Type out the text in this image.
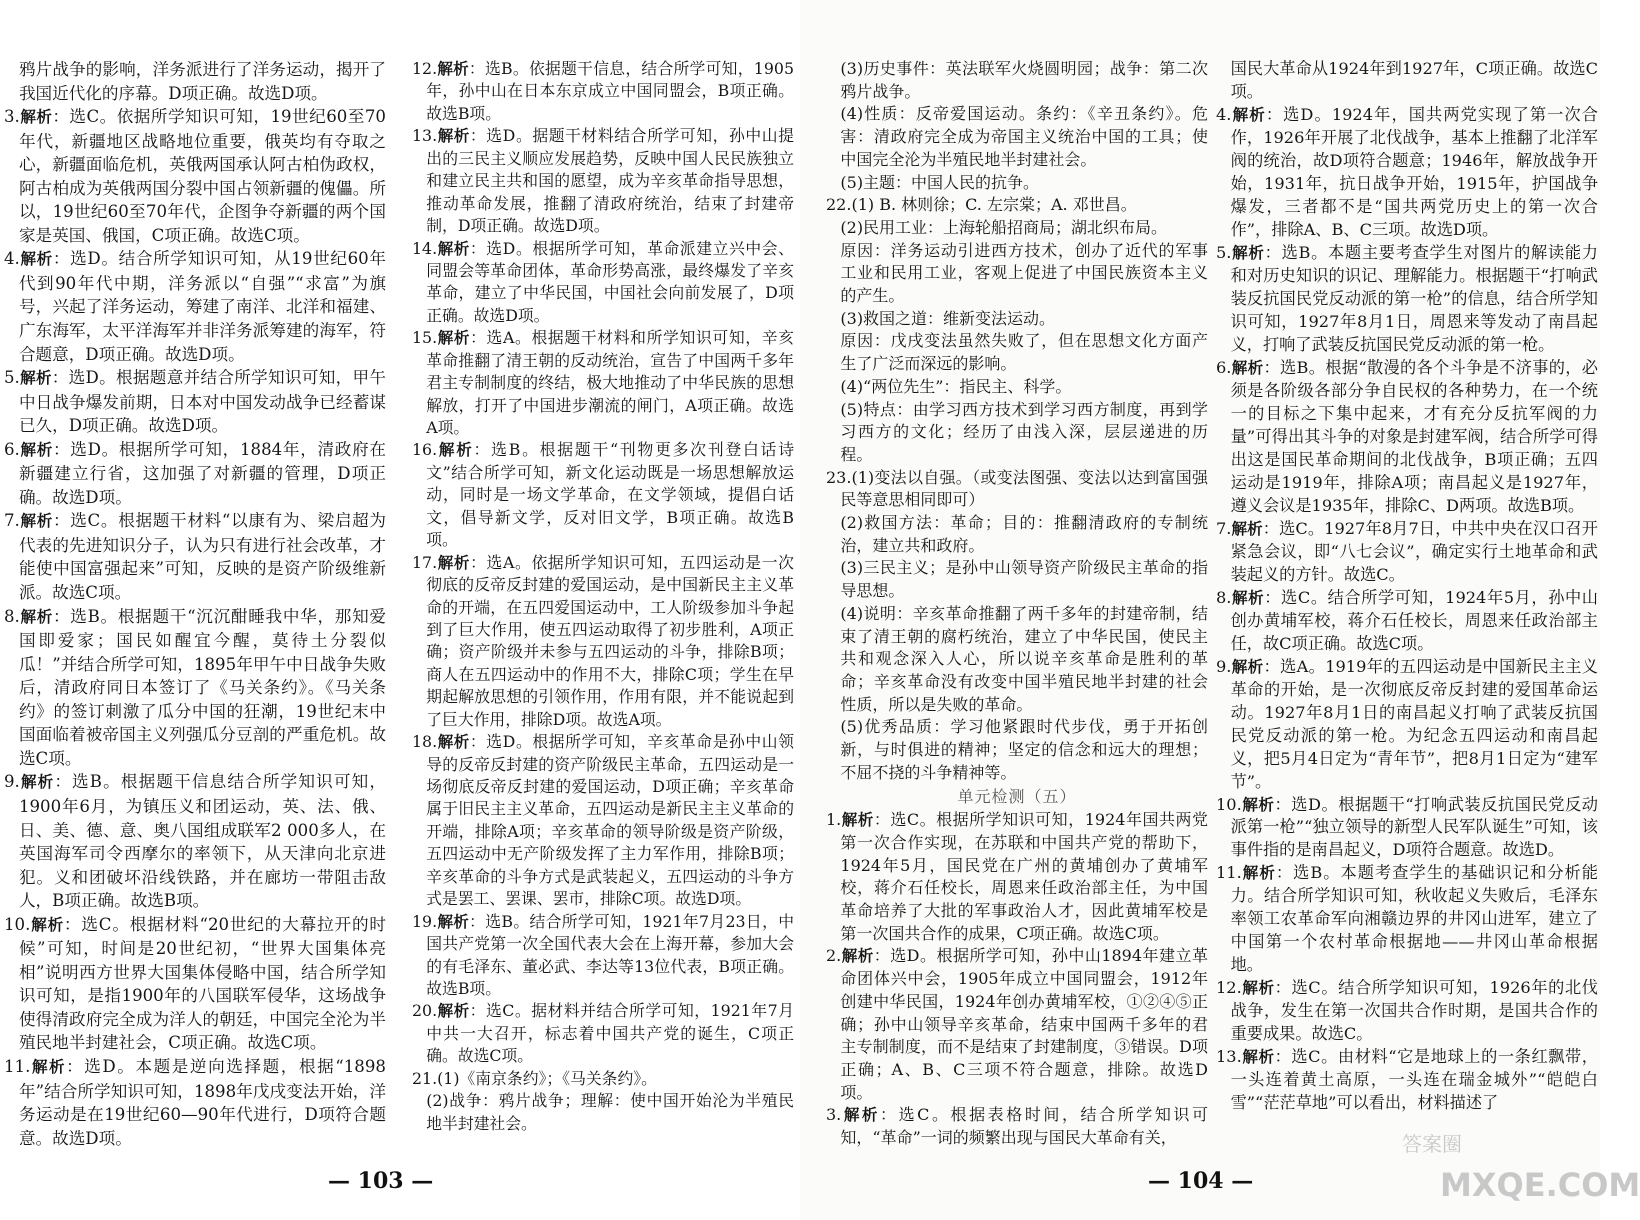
鸦片战争的影响，洋务派进行了洋务运动，揭开了我国近代化的序幕。D项正确。故选D项。
3.解析：选C。依据所学知识可知，19世纪60至70年代，新疆地区战略地位重要，俄英均有夺取之心，新疆面临危机，英俄两国承认阿古柏伪政权，阿古柏成为英俄两国分裂中国占领新疆的傀儡。所以，19世纪60至70年代，企图争夺新疆的两个国家是英国、俄国，C项正确。故选C项。
4.解析：选D。结合所学知识可知，从19世纪60年代到90年代中期，洋务派以“自强”“求富”为旗号，兴起了洋务运动，筹建了南洋、北洋和福建、广东海军，太平洋海军并非洋务派筹建的海军，符合题意，D项正确。故选D项。
5.解析：选D。根据题意并结合所学知识可知，甲午中日战争爆发前期，日本对中国发动战争已经蓄谋已久，D项正确。故选D项。
6.解析：选D。根据所学可知，1884年，清政府在新疆建立行省，这加强了对新疆的管理，D项正确。故选D项。
7.解析：选C。根据题干材料“以康有为、梁启超为代表的先进知识分子，认为只有进行社会改革，才能使中国富强起来”可知，反映的是资产阶级维新派。故选C项。
8.解析：选B。根据题干“沉沉酣睡我中华，那知爱国即爱家；国民如醒宜今醒，莫待土分裂似瓜！”并结合所学可知，1895年甲午中日战争失败后，清政府同日本签订了《马关条约》。《马关条约》的签订刺激了瓜分中国的狂潮，19世纪末中国面临着被帝国主义列强瓜分豆剖的严重危机。故选C项。
9.解析：选B。根据题干信息结合所学知识可知，1900年6月，为镇压义和团运动，英、法、俄、日、美、德、意、奥八国组成联军2 000多人，在英国海军司令西摩尔的率领下，从天津向北京进犯。义和团破坏沿线铁路，并在廊坊一带阻击敌人，B项正确。故选B项。
10.解析：选C。根据材料“20世纪的大幕拉开的时候”可知，时间是20世纪初，“世界大国集体亮相”说明西方世界大国集体侵略中国，结合所学知识可知，是指1900年的八国联军侵华，这场战争使得清政府完全成为洋人的朝廷，中国完全沦为半殖民地半封建社会，C项正确。故选C项。
11.解析：选D。本题是逆向选择题，根据“1898年”结合所学知识可知，1898年戊戌变法开始，洋务运动是在19世纪60—90年代进行，D项符合题意。故选D项。
12.解析：选B。依据题干信息，结合所学可知，1905年，孙中山在日本东京成立中国同盟会，B项正确。故选B项。
13.解析：选D。据题干材料结合所学可知，孙中山提出的三民主义顺应发展趋势，反映中国人民民族独立和建立民主共和国的愿望，成为辛亥革命指导思想，推动革命发展，推翻了清政府统治，结束了封建帝制，D项正确。故选D项。
14.解析：选D。根据所学可知，革命派建立兴中会、同盟会等革命团体，革命形势高涨，最终爆发了辛亥革命，建立了中华民国，中国社会向前发展了，D项正确。故选D项。
15.解析：选A。根据题干材料和所学知识可知，辛亥革命推翻了清王朝的反动统治，宣告了中国两千多年君主专制制度的终结，极大地推动了中华民族的思想解放，打开了中国进步潮流的闸门，A项正确。故选A项。
16.解析：选B。根据题干“刊物更多次刊登白话诗文”结合所学可知，新文化运动既是一场思想解放运动，同时是一场文学革命，在文学领域，提倡白话文，倡导新文学，反对旧文学，B项正确。故选B项。
17.解析：选A。依据所学知识可知，五四运动是一次彻底的反帝反封建的爱国运动，是中国新民主主义革命的开端，在五四爱国运动中，工人阶级参加斗争起到了巨大作用，使五四运动取得了初步胜利，A项正确；资产阶级并未参与五四运动的斗争，排除B项；商人在五四运动中的作用不大，排除C项；学生在早期起解放思想的引领作用，作用有限，并不能说起到了巨大作用，排除D项。故选A项。
18.解析：选D。根据所学可知，辛亥革命是孙中山领导的反帝反封建的资产阶级民主革命，五四运动是一场彻底反帝反封建的爱国运动，D项正确；辛亥革命属于旧民主主义革命，五四运动是新民主主义革命的开端，排除A项；辛亥革命的领导阶级是资产阶级，五四运动中无产阶级发挥了主力军作用，排除B项；辛亥革命的斗争方式是武装起义，五四运动的斗争方式是罢工、罢课、罢市，排除C项。故选D项。
19.解析：选B。结合所学可知，1921年7月23日，中国共产党第一次全国代表大会在上海开幕，参加大会的有毛泽东、董必武、李达等13位代表，B项正确。故选B项。
20.解析：选C。据材料并结合所学可知，1921年7月中共一大召开，标志着中国共产党的诞生，C项正确。故选C项。
21.(1)《南京条约》；《马关条约》。
(2)战争：鸦片战争；理解：使中国开始沦为半殖民地半封建社会。
— 103 —
(3)历史事件：英法联军火烧圆明园；战争：第二次鸦片战争。
(4)性质：反帝爱国运动。条约：《辛丑条约》。危害：清政府完全成为帝国主义统治中国的工具；使中国完全沦为半殖民地半封建社会。
(5)主题：中国人民的抗争。
22.(1) B. 林则徐；C. 左宗棠；A. 邓世昌。
(2)民用工业：上海轮船招商局；湖北织布局。
原因：洋务运动引进西方技术，创办了近代的军事工业和民用工业，客观上促进了中国民族资本主义的产生。
(3)救国之道：维新变法运动。
原因：戊戌变法虽然失败了，但在思想文化方面产生了广泛而深远的影响。
(4)“两位先生”：指民主、科学。
(5)特点：由学习西方技术到学习西方制度，再到学习西方的文化；经历了由浅入深，层层递进的历程。
23.(1)变法以自强。（或变法图强、变法以达到富国强民等意思相同即可）
(2)救国方法：革命；目的：推翻清政府的专制统治，建立共和政府。
(3)三民主义；是孙中山领导资产阶级民主革命的指导思想。
(4)说明：辛亥革命推翻了两千多年的封建帝制，结束了清王朝的腐朽统治，建立了中华民国，使民主共和观念深入人心，所以说辛亥革命是胜利的革命；辛亥革命没有改变中国半殖民地半封建的社会性质，所以是失败的革命。
(5)优秀品质：学习他紧跟时代步伐，勇于开拓创新，与时俱进的精神；坚定的信念和远大的理想；不屈不挠的斗争精神等。
单元检测（五）
1.解析：选C。根据所学知识可知，1924年国共两党第一次合作实现，在苏联和中国共产党的帮助下，1924年5月，国民党在广州的黄埔创办了黄埔军校，蒋介石任校长，周恩来任政治部主任，为中国革命培养了大批的军事政治人才，因此黄埔军校是第一次国共合作的成果，C项正确。故选C项。
2.解析：选D。根据所学可知，孙中山1894年建立革命团体兴中会，1905年成立中国同盟会，1912年创建中华民国，1924年创办黄埔军校，①②④⑤正确；孙中山领导辛亥革命，结束中国两千多年的君主专制制度，而不是结束了封建制度，③错误。D项正确；A、B、C三项不符合题意，排除。故选D项。
3.解析：选C。根据表格时间，结合所学知识可知，“革命”一词的频繁出现与国民大革命有关，
国民大革命从1924年到1927年，C项正确。故选C项。
4.解析：选D。1924年，国共两党实现了第一次合作，1926年开展了北伐战争，基本上推翻了北洋军阀的统治，故D项符合题意；1946年，解放战争开始，1931年，抗日战争开始，1915年，护国战争爆发，三者都不是“国共两党历史上的第一次合作”，排除A、B、C三项。故选D项。
5.解析：选B。本题主要考查学生对图片的解读能力和对历史知识的识记、理解能力。根据题干“打响武装反抗国民党反动派的第一枪”的信息，结合所学知识可知，1927年8月1日，周恩来等发动了南昌起义，打响了武装反抗国民党反动派的第一枪。
6.解析：选B。根据“散漫的各个斗争是不济事的，必须是各阶级各部分争自民权的各种势力，在一个统一的目标之下集中起来，才有充分反抗军阀的力量”可得出其斗争的对象是封建军阀，结合所学可得出这是国民革命期间的北伐战争，B项正确；五四运动是1919年，排除A项；南昌起义是1927年，遵义会议是1935年，排除C、D两项。故选B项。
7.解析：选C。1927年8月7日，中共中央在汉口召开紧急会议，即“八七会议”，确定实行土地革命和武装起义的方针。故选C。
8.解析：选C。结合所学可知，1924年5月，孙中山创办黄埔军校，蒋介石任校长，周恩来任政治部主任，故C项正确。故选C项。
9.解析：选A。1919年的五四运动是中国新民主主义革命的开始，是一次彻底反帝反封建的爱国革命运动。1927年8月1日的南昌起义打响了武装反抗国民党反动派的第一枪。为纪念五四运动和南昌起义，把5月4日定为“青年节”，把8月1日定为“建军节”。
10.解析：选D。根据题干“打响武装反抗国民党反动派第一枪”“独立领导的新型人民军队诞生”可知，该事件指的是南昌起义，D项符合题意。故选D。
11.解析：选B。本题考查学生的基础识记和分析能力。结合所学知识可知，秋收起义失败后，毛泽东率领工农革命军向湘赣边界的井冈山进军，建立了中国第一个农村革命根据地——井冈山革命根据地。
12.解析：选C。结合所学知识可知，1926年的北伐战争，发生在第一次国共合作时期，是国共合作的重要成果。故选C。
13.解析：选C。由材料“它是地球上的一条红飘带，一头连着黄土高原，一头连在瑞金城外”“皑皑白雪”“茫茫草地”可以看出，材料描述了
— 104 —
答案圈
MXQE.COM
